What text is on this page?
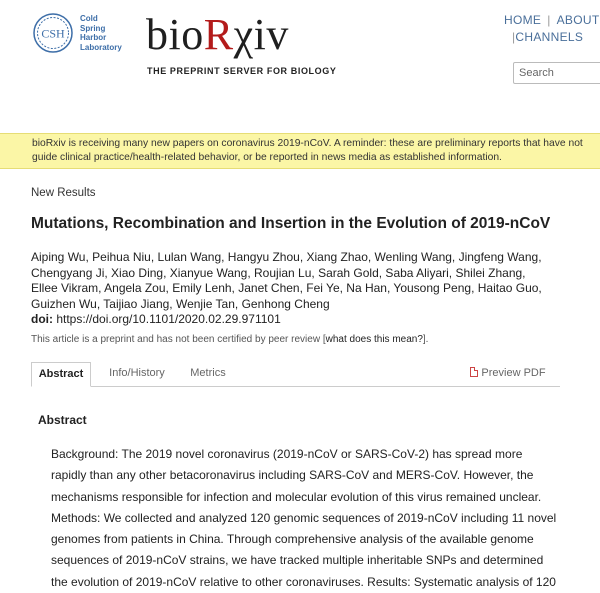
CSH
Cold
Spring
Harbor
Laboratory bioRχiv
THE PREPRINT SERVER FOR BIOLOGY
HOME | ABOUT
|CHANNELS
Search
bioRxiv is receiving many new papers on coronavirus 2019-nCoV. A reminder: these are preliminary reports that have not
guide clinical practice/health-related behavior, or be reported in news media as established information.
New Results
Mutations, Recombination and Insertion in the Evolution of 2019-nCoV
Aiping Wu, Peihua Niu, Lulan Wang, Hangyu Zhou, Xiang Zhao, Wenling Wang, Jingfeng Wang,
Chengyang Ji, Xiao Ding, Xianyue Wang, Roujian Lu, Sarah Gold, Saba Aliyari, Shilei Zhang,
Ellee Vikram, Angela Zou, Emily Lenh, Janet Chen, Fei Ye, Na Han, Yousong Peng, Haitao Guo,
Guizhen Wu, Taijiao Jiang, Wenjie Tan, Genhong Cheng
doi: https://doi.org/10.1101/2020.02.29.971101
This article is a preprint and has not been certified by peer review [what does this mean?].
Abstract	Info/History	Metrics	Preview PDF
Abstract
Background: The 2019 novel coronavirus (2019-nCoV or SARS-CoV-2) has spread more
rapidly than any other betacoronavirus including SARS-CoV and MERS-CoV. However, the
mechanisms responsible for infection and molecular evolution of this virus remained unclear.
Methods: We collected and analyzed 120 genomic sequences of 2019-nCoV including 11 novel
genomes from patients in China. Through comprehensive analysis of the available genome
sequences of 2019-nCoV strains, we have tracked multiple inheritable SNPs and determined
the evolution of 2019-nCoV relative to other coronaviruses. Results: Systematic analysis of 120
